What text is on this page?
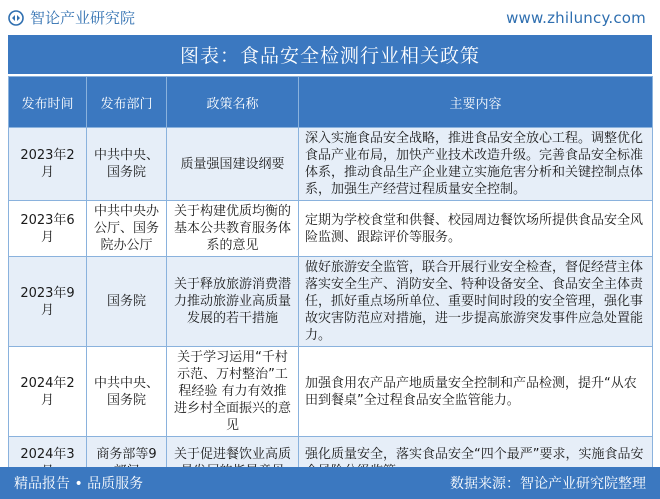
智论产业研究院	www.zhiluncy.com
图表：食品安全检测行业相关政策
发布时间	发布部门	政策名称	主要内容
2023年2月	中共中央、国务院	质量强国建设纲要	深入实施食品安全战略，推进食品安全放心工程。调整优化食品产业布局，加快产业技术改造升级。完善食品安全标准体系，推动食品生产企业建立实施危害分析和关键控制点体系，加强生产经营过程质量安全控制。
2023年6月	中共中央办公厅、国务院办公厅	关于构建优质均衡的基本公共教育服务体系的意见	定期为学校食堂和供餐、校园周边餐饮场所提供食品安全风险监测、跟踪评价等服务。
2023年9月	国务院	关于释放旅游消费潜力推动旅游业高质量发展的若干措施	做好旅游安全监管，联合开展行业安全检查，督促经营主体落实安全生产、消防安全、特种设备安全、食品安全主体责任，抓好重点场所单位、重要时间时段的安全管理，强化事故灾害防范应对措施，进一步提高旅游突发事件应急处置能力。
2024年2月	中共中央、国务院	关于学习运用“千村示范、万村整治”工程经验 有力有效推进乡村全面振兴的意见	加强食用农产品产地质量安全控制和产品检测，提升“从农田到餐桌”全过程食品安全监管能力。
2024年3	商务部等9	关于促进餐饮业高质	强化质量安全，落实食品安全“四个最严”要求，实施食品安
精品报告 • 品质服务	数据来源：智论产业研究院整理
